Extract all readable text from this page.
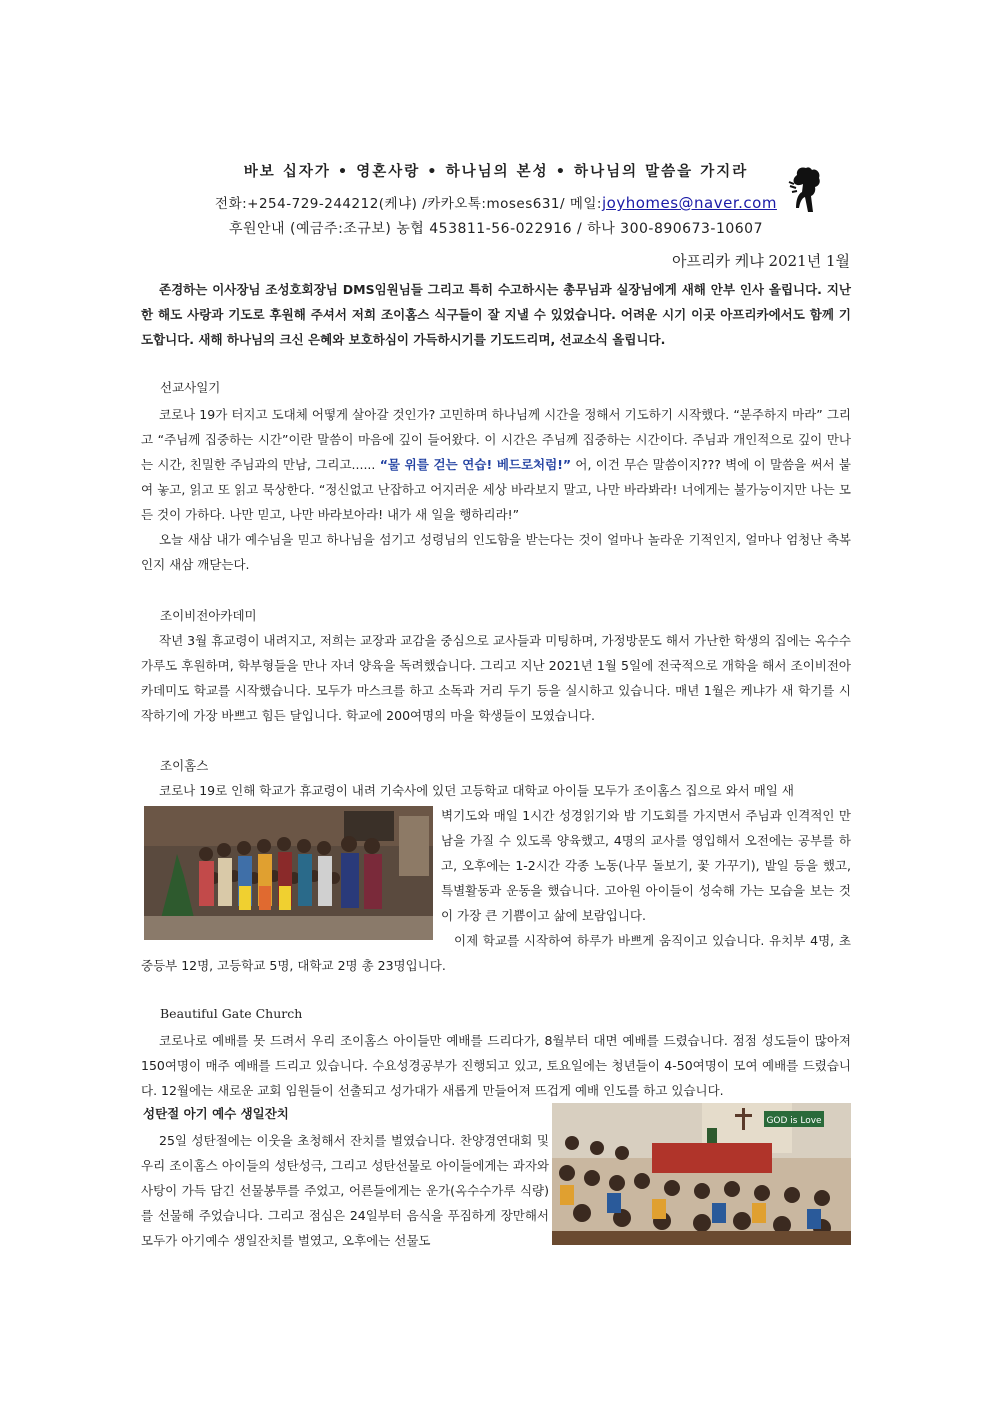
바보 십자가 • 영혼사랑 • 하나님의 본성 • 하나님의 말씀을 가지라
전화:+254-729-244212(케냐) /카카오톡:moses631/ 메일:joyhomes@naver.com
후원안내 (예금주:조규보) 농협 453811-56-022916 / 하나 300-890673-10607
아프리카 케냐 2021년 1월

존경하는 이사장님 조성호회장님 DMS임원님들 그리고 특히 수고하시는 총무님과 실장님에게 새해 안부 인사 올립니다. 지난 한 해도 사랑과 기도로 후원해 주셔서 저희 조이홈스 식구들이 잘 지낼 수 있었습니다. 어려운 시기 이곳 아프리카에서도 함께 기도합니다. 새해 하나님의 크신 은혜와 보호하심이 가득하시기를 기도드리며, 선교소식 올립니다.

선교사일기

코로나 19가 터지고 도대체 어떻게 살아갈 것인가? 고민하며 하나님께 시간을 정해서 기도하기 시작했다. “분주하지 마라” 그리고 “주님께 집중하는 시간”이란 말씀이 마음에 깊이 들어왔다. 이 시간은 주님께 집중하는 시간이다. 주님과 개인적으로 깊이 만나는 시간, 친밀한 주님과의 만남, 그리고...... “물 위를 걷는 연습! 베드로처럼!” 어, 이건 무슨 말씀이지??? 벽에 이 말씀을 써서 붙여 놓고, 읽고 또 읽고 묵상한다. “정신없고 난잡하고 어지러운 세상 바라보지 말고, 나만 바라봐라! 너에게는 불가능이지만 나는 모든 것이 가하다. 나만 믿고, 나만 바라보아라! 내가 새 일을 행하리라!”

오늘 새삼 내가 예수님을 믿고 하나님을 섬기고 성령님의 인도함을 받는다는 것이 얼마나 놀라운 기적인지, 얼마나 엄청난 축복인지 새삼 깨닫는다.

조이비전아카데미

작년 3월 휴교령이 내려지고, 저희는 교장과 교감을 중심으로 교사들과 미팅하며, 가정방문도 해서 가난한 학생의 집에는 옥수수 가루도 후원하며, 학부형들을 만나 자녀 양육을 독려했습니다. 그리고 지난 2021년 1월 5일에 전국적으로 개학을 해서 조이비전아카데미도 학교를 시작했습니다. 모두가 마스크를 하고 소독과 거리 두기 등을 실시하고 있습니다. 매년 1월은 케냐가 새 학기를 시작하기에 가장 바쁘고 힘든 달입니다. 학교에 200여명의 마을 학생들이 모였습니다.

조이홈스

코로나 19로 인해 학교가 휴교령이 내려 기숙사에 있던 고등학교 대학교 아이들 모두가 조이홈스 집으로 와서 매일 새

벽기도와 매일 1시간 성경읽기와 밤 기도회를 가지면서 주님과 인격적인 만남을 가질 수 있도록 양육했고, 4명의 교사를 영입해서 오전에는 공부를 하고, 오후에는 1-2시간 각종 노동(나무 돌보기, 꽃 가꾸기), 밭일 등을 했고, 특별활동과 운동을 했습니다. 고아원 아이들이 성숙해 가는 모습을 보는 것이 가장 큰 기쁨이고 삶에 보람입니다.

이제 학교를 시작하여 하루가 바쁘게 움직이고 있습니다. 유치부 4명, 초중등부 12명, 고등학교 5명, 대학교 2명 총 23명입니다.

Beautiful Gate Church

코로나로 예배를 못 드려서 우리 조이홈스 아이들만 예배를 드리다가, 8월부터 대면 예배를 드렸습니다. 점점 성도들이 많아져 150여명이 매주 예배를 드리고 있습니다. 수요성경공부가 진행되고 있고, 토요일에는 청년들이 4-50여명이 모여 예배를 드렸습니다. 12월에는 새로운 교회 임원들이 선출되고 성가대가 새롭게 만들어져 뜨겁게 예배 인도를 하고 있습니다.

성탄절 아기 예수 생일잔치

25일 성탄절에는 이웃을 초청해서 잔치를 벌였습니다. 찬양경연대회 및 우리 조이홈스 아이들의 성탄성극, 그리고 성탄선물로 아이들에게는 과자와 사탕이 가득 담긴 선물봉투를 주었고, 어른들에게는 운가(옥수수가루 식량)를 선물해 주었습니다. 그리고 점심은 24일부터 음식을 푸짐하게 장만해서 모두가 아기예수 생일잔치를 벌였고, 오후에는 선물도

GOD is Love
